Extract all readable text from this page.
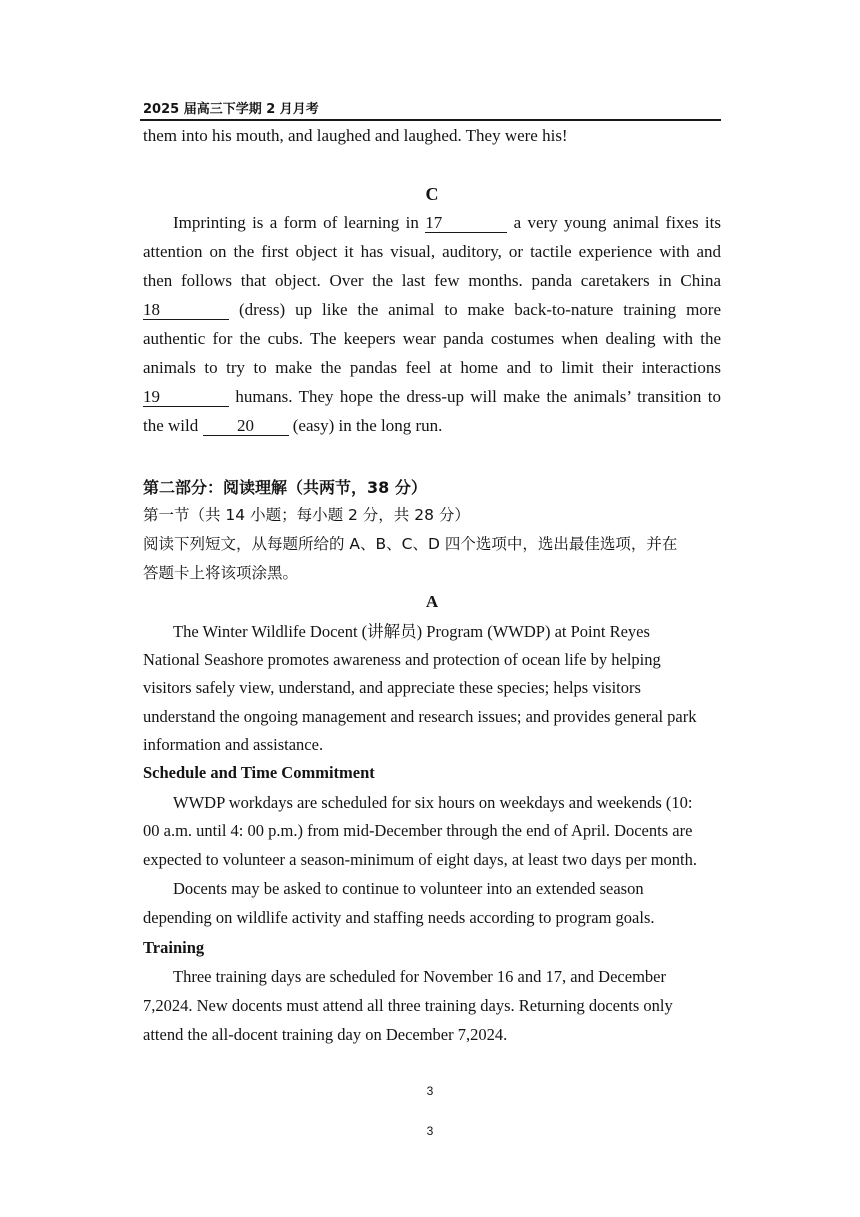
2025 届高三下学期 2 月月考
them into his mouth, and laughed and laughed. They were his!
C
Imprinting is a form of learning in 17	a very young animal fixes its
attention on the first object it has visual, auditory, or tactile experience with and
then follows that object. Over the last few months. panda caretakers in China
18	(dress) up like the animal to make back-to-nature training more
authentic for the cubs. The keepers wear panda costumes when dealing with the
animals to try to make the pandas feel at home and to limit their interactions
19	humans. They hope the dress-up will make the animals’ transition to
the wild 20 (easy) in the long run.
第二部分：阅读理解（共两节，38 分）
第一节（共 14 小题；每小题 2 分，共 28 分）
阅读下列短文，从每题所给的 A、B、C、D 四个选项中，选出最佳选项，并在
答题卡上将该项涂黑。
A
The Winter Wildlife Docent (讲解员) Program (WWDP) at Point Reyes
National Seashore promotes awareness and protection of ocean life by helping
visitors safely view, understand, and appreciate these species; helps visitors
understand the ongoing management and research issues; and provides general park
information and assistance.
Schedule and Time Commitment
WWDP workdays are scheduled for six hours on weekdays and weekends (10:
00 a.m. until 4: 00 p.m.) from mid-December through the end of April. Docents are
expected to volunteer a season-minimum of eight days, at least two days per month.
Docents may be asked to continue to volunteer into an extended season
depending on wildlife activity and staffing needs according to program goals.
Training
Three training days are scheduled for November 16 and 17, and December
7,2024. New docents must attend all three training days. Returning docents only
attend the all-docent training day on December 7,2024.
3
3
